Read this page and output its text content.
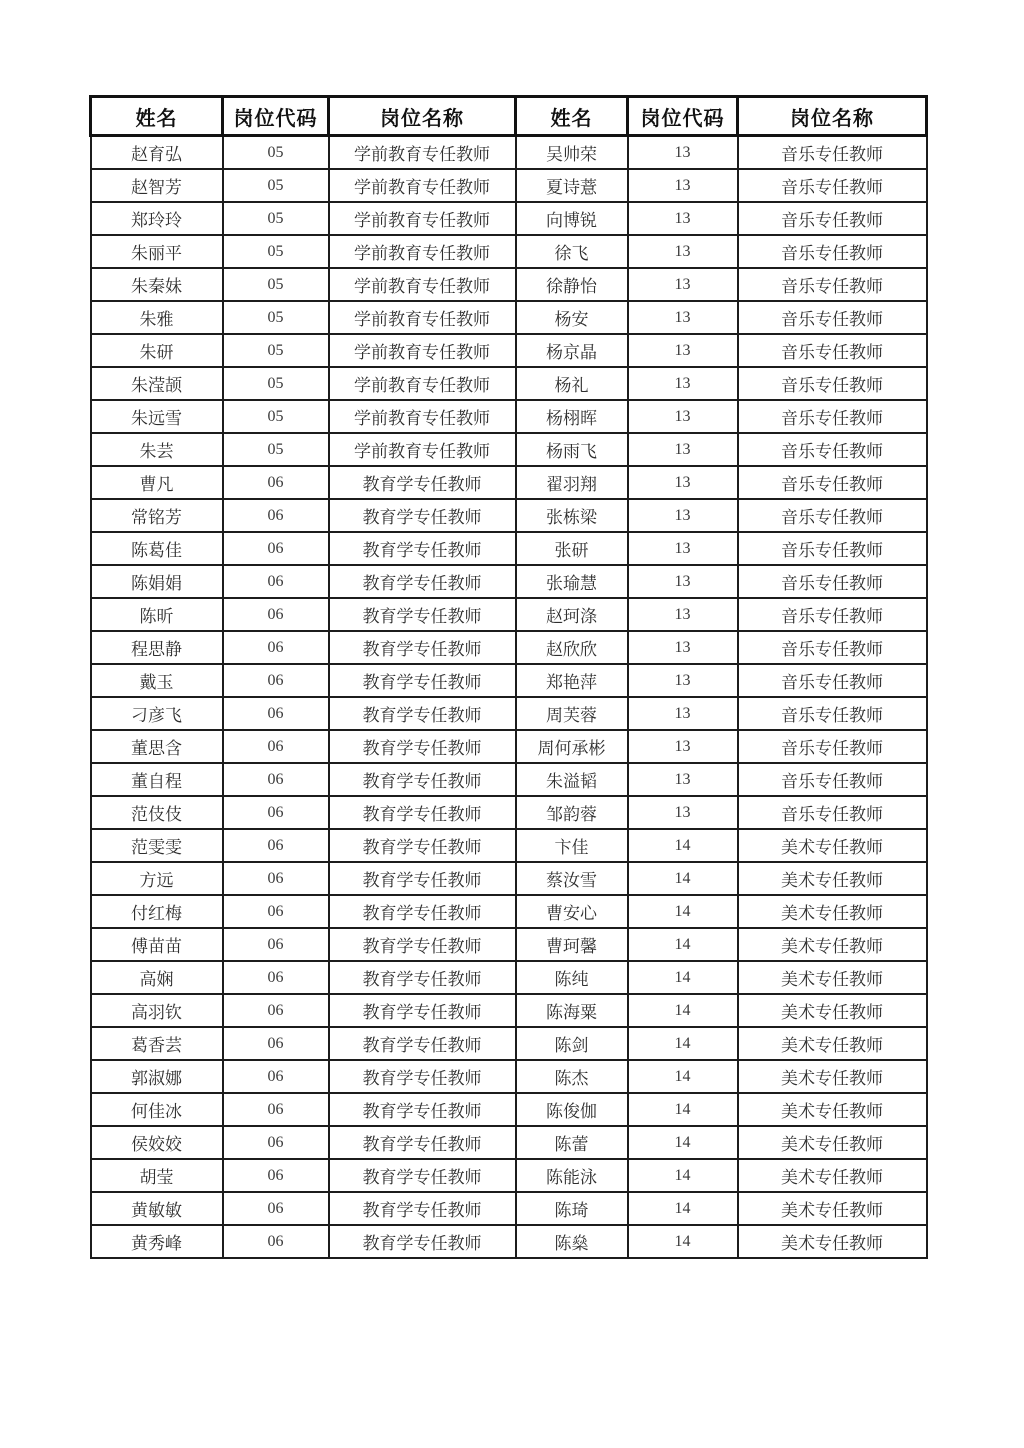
姓名	岗位代码	岗位名称	姓名	岗位代码	岗位名称
赵育弘	05	学前教育专任教师	吴帅荣	13	音乐专任教师
赵智芳	05	学前教育专任教师	夏诗薏	13	音乐专任教师
郑玲玲	05	学前教育专任教师	向博锐	13	音乐专任教师
朱丽平	05	学前教育专任教师	徐飞	13	音乐专任教师
朱秦妹	05	学前教育专任教师	徐静怡	13	音乐专任教师
朱雅	05	学前教育专任教师	杨安	13	音乐专任教师
朱研	05	学前教育专任教师	杨京晶	13	音乐专任教师
朱滢颉	05	学前教育专任教师	杨礼	13	音乐专任教师
朱远雪	05	学前教育专任教师	杨栩晖	13	音乐专任教师
朱芸	05	学前教育专任教师	杨雨飞	13	音乐专任教师
曹凡	06	教育学专任教师	翟羽翔	13	音乐专任教师
常铭芳	06	教育学专任教师	张栋梁	13	音乐专任教师
陈葛佳	06	教育学专任教师	张研	13	音乐专任教师
陈娟娟	06	教育学专任教师	张瑜慧	13	音乐专任教师
陈昕	06	教育学专任教师	赵珂涤	13	音乐专任教师
程思静	06	教育学专任教师	赵欣欣	13	音乐专任教师
戴玉	06	教育学专任教师	郑艳萍	13	音乐专任教师
刁彦飞	06	教育学专任教师	周芙蓉	13	音乐专任教师
董思含	06	教育学专任教师	周何承彬	13	音乐专任教师
董自程	06	教育学专任教师	朱溢韬	13	音乐专任教师
范伎伎	06	教育学专任教师	邹韵蓉	13	音乐专任教师
范雯雯	06	教育学专任教师	卞佳	14	美术专任教师
方远	06	教育学专任教师	蔡汝雪	14	美术专任教师
付红梅	06	教育学专任教师	曹安心	14	美术专任教师
傅苗苗	06	教育学专任教师	曹珂馨	14	美术专任教师
高娴	06	教育学专任教师	陈纯	14	美术专任教师
高羽钦	06	教育学专任教师	陈海粟	14	美术专任教师
葛香芸	06	教育学专任教师	陈剑	14	美术专任教师
郭淑娜	06	教育学专任教师	陈杰	14	美术专任教师
何佳冰	06	教育学专任教师	陈俊伽	14	美术专任教师
侯姣姣	06	教育学专任教师	陈蕾	14	美术专任教师
胡莹	06	教育学专任教师	陈能泳	14	美术专任教师
黄敏敏	06	教育学专任教师	陈琦	14	美术专任教师
黄秀峰	06	教育学专任教师	陈燊	14	美术专任教师
